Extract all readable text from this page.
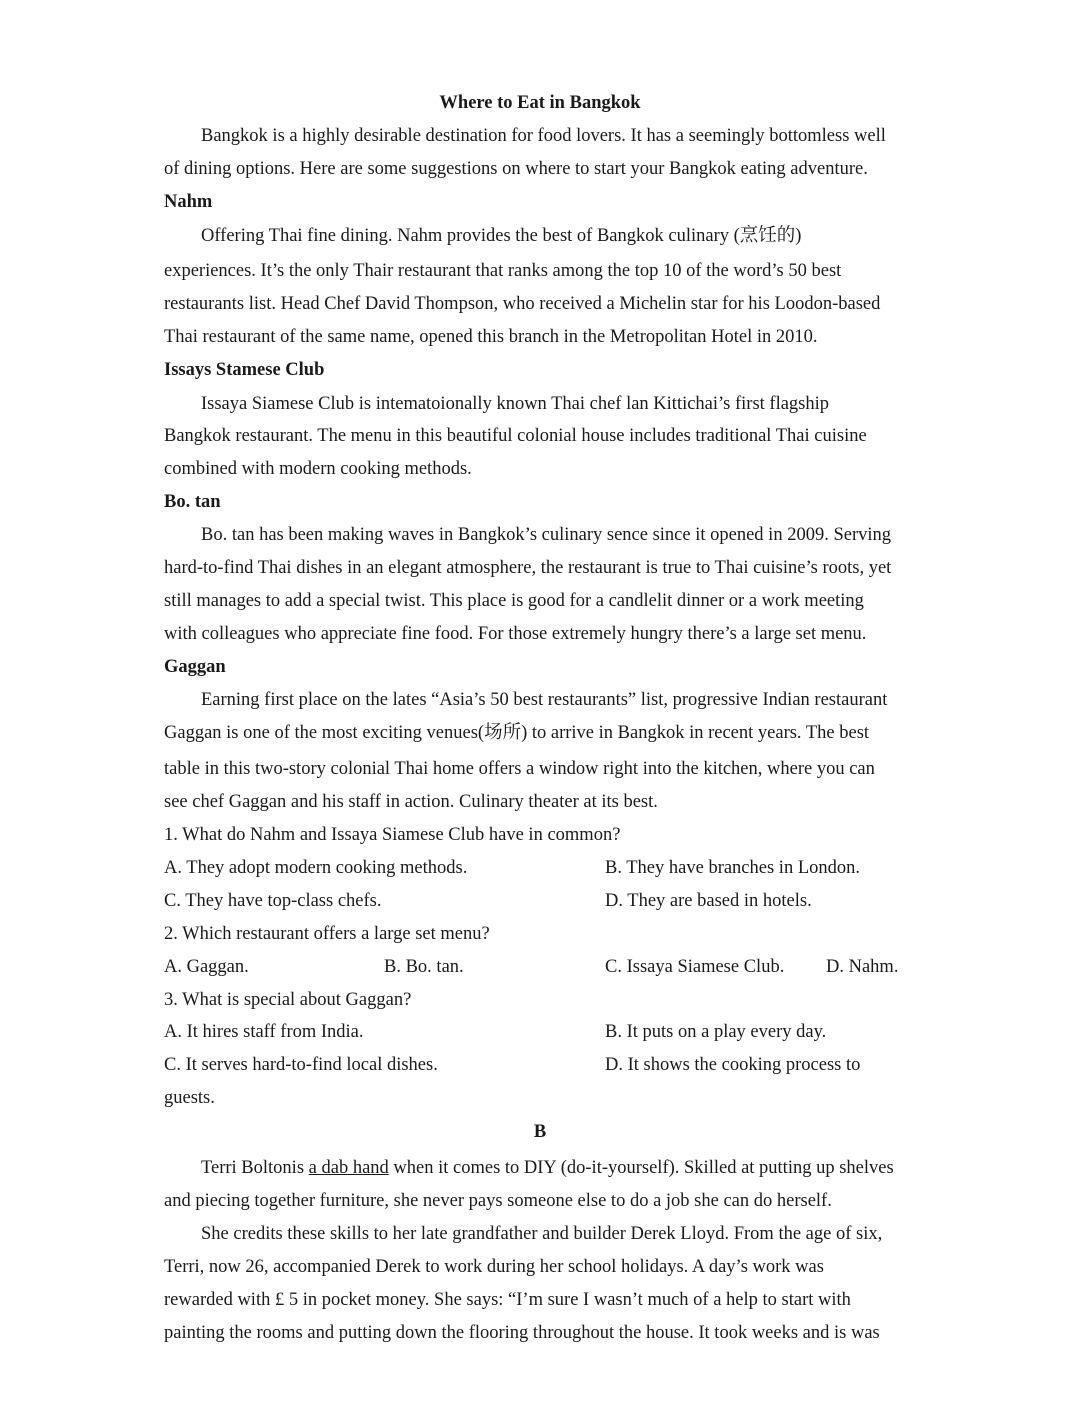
Where to Eat in Bangkok
Bangkok is a highly desirable destination for food lovers. It has a seemingly bottomless well
of dining options. Here are some suggestions on where to start your Bangkok eating adventure.
Nahm
Offering Thai fine dining. Nahm provides the best of Bangkok culinary (烹饪的)
experiences. It’s the only Thair restaurant that ranks among the top 10 of the word’s 50 best
restaurants list. Head Chef David Thompson, who received a Michelin star for his Loodon-based
Thai restaurant of the same name, opened this branch in the Metropolitan Hotel in 2010.
Issays Stamese Club
Issaya Siamese Club is intematoionally known Thai chef lan Kittichai’s first flagship
Bangkok restaurant. The menu in this beautiful colonial house includes traditional Thai cuisine
combined with modern cooking methods.
Bo. tan
Bo. tan has been making waves in Bangkok’s culinary sence since it opened in 2009. Serving
hard-to-find Thai dishes in an elegant atmosphere, the restaurant is true to Thai cuisine’s roots, yet
still manages to add a special twist. This place is good for a candlelit dinner or a work meeting
with colleagues who appreciate fine food. For those extremely hungry there’s a large set menu.
Gaggan
Earning first place on the lates “Asia’s 50 best restaurants” list, progressive Indian restaurant
Gaggan is one of the most exciting venues(场所) to arrive in Bangkok in recent years. The best
table in this two-story colonial Thai home offers a window right into the kitchen, where you can
see chef Gaggan and his staff in action. Culinary theater at its best.
1. What do Nahm and Issaya Siamese Club have in common?
A. They adopt modern cooking methods.	B. They have branches in London.
C. They have top-class chefs.	D. They are based in hotels.
2. Which restaurant offers a large set menu?
A. Gaggan.	B. Bo. tan.	C. Issaya Siamese Club. D. Nahm.
3. What is special about Gaggan?
A. It hires staff from India.	B. It puts on a play every day.
C. It serves hard-to-find local dishes.	D. It shows the cooking process to
guests.
B
Terri Boltonis a dab hand when it comes to DIY (do-it-yourself). Skilled at putting up shelves
and piecing together furniture, she never pays someone else to do a job she can do herself.
She credits these skills to her late grandfather and builder Derek Lloyd. From the age of six,
Terri, now 26, accompanied Derek to work during her school holidays. A day’s work was
rewarded with £ 5 in pocket money. She says: “I’m sure I wasn’t much of a help to start with
painting the rooms and putting down the flooring throughout the house. It took weeks and is was
